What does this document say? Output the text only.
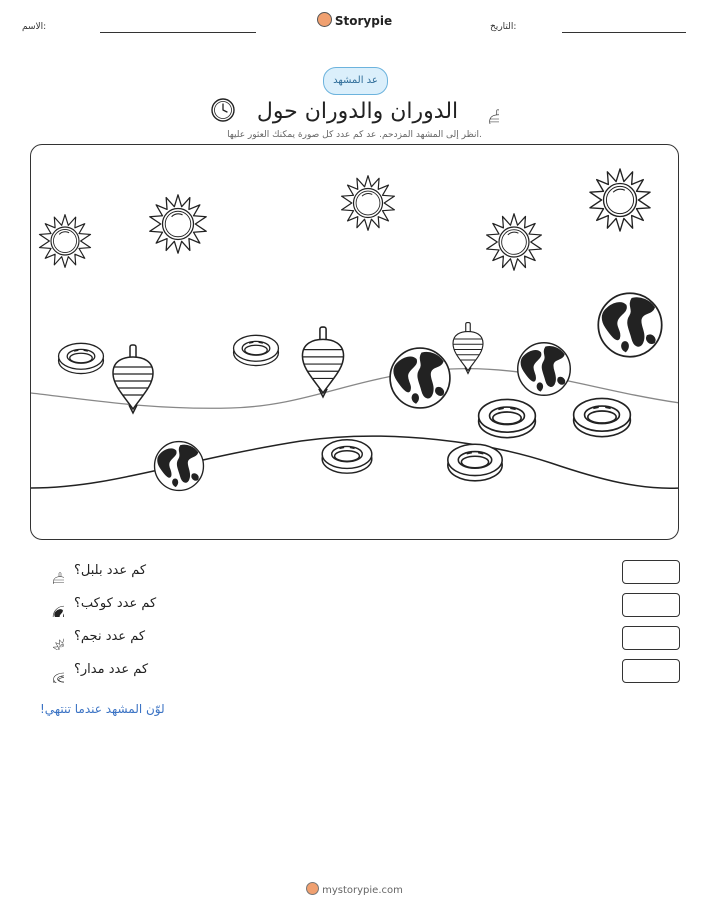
الاسم:	Storypie	التاريخ:
عد المشهد
الدوران والدوران حول
انظر إلى المشهد المزدحم. عد كم عدد كل صورة يمكنك العثور عليها.
كم عدد بلبل؟
كم عدد كوكب؟
كم عدد نجم؟
كم عدد مدار؟
لوّن المشهد عندما تنتهي!
mystorypie.com
